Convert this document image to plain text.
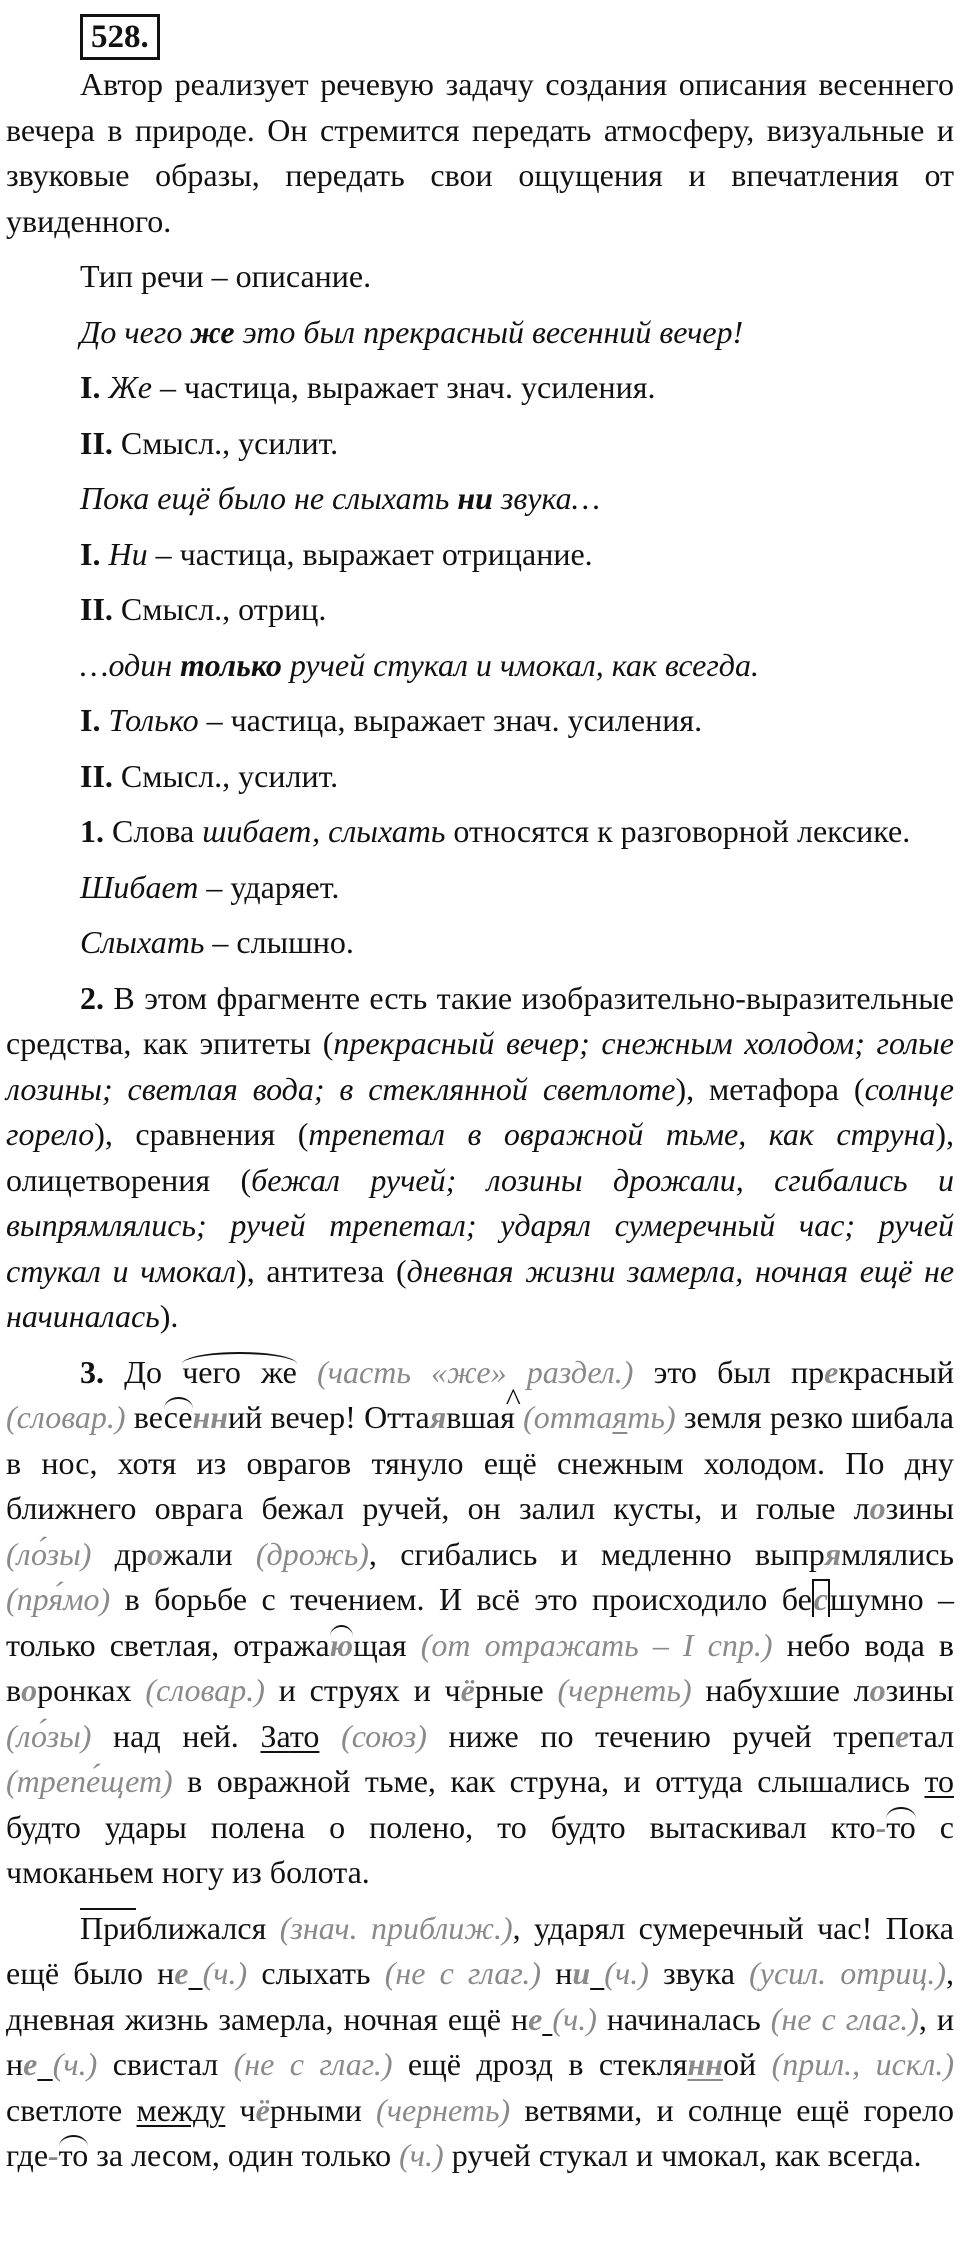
528.

Автор реализует речевую задачу создания описания весеннего вечера в природе. Он стремится передать атмосферу, визуальные и звуковые образы, передать свои ощущения и впечатления от увиденного.

Тип речи – описание.

До чего же это был прекрасный весенний вечер!

I. Же – частица, выражает знач. усиления.

II. Смысл., усилит.

Пока ещё было не слыхать ни звука…

I. Ни – частица, выражает отрицание.

II. Смысл., отриц.

…один только ручей стукал и чмокал, как всегда.

I. Только – частица, выражает знач. усиления.

II. Смысл., усилит.

1. Слова шибает, слыхать относятся к разговорной лексике.

Шибает – ударяет.

Слыхать – слышно.

2. В этом фрагменте есть такие изобразительно-выразительные средства, как эпитеты (прекрасный вечер; снежным холодом; голые лозины; светлая вода; в стеклянной светлоте), метафора (солнце горело), сравнения (трепетал в овражной тьме, как струна), олицетворения (бежал ручей; лозины дрожали, сгибались и выпрямлялись; ручей трепетал; ударял сумеречный час; ручей стукал и чмокал), антитеза (дневная жизни замерла, ночная ещё не начиналась).

3. До чего же (часть «же» раздел.) это был прекрасный (словар.) весенний вечер! Отта^ явшая (оттаять) земля резко шибала в нос, хотя из оврагов тянуло ещё снежным холодом. По дну ближнего оврага бежал ручей, он залил кусты, и голые лозины (ло́зы) дрожали (дрожь), сгибались и медленно выпрямлялись (пря́мо) в борьбе с течением. И всё это происходило бесшумно – только светлая, отражающая (от отражать – I спр.) небо вода в воронках (словар.) и струях и чёрные (чернеть) набухшие лозины (ло́зы) над ней. Зато (союз) ниже по течению ручей трепетал (трепе́щет) в овражной тьме, как струна, и оттуда слышались то будто удары полена о полено, то будто вытаскивал кто-то с чмоканьем ногу из болота.

Приближался (знач. приближ.), ударял сумеречный час! Пока ещё было не (ч.) слыхать (не с глаг.) ни (ч.) звука (усил. отриц.), дневная жизнь замерла, ночная ещё не (ч.) начиналась (не с глаг.), и не (ч.) свистал (не с глаг.) ещё дрозд в стеклянной (прил., искл.) светлоте между чёрными (чернеть) ветвями, и солнце ещё горело где-то за лесом, один только (ч.) ручей стукал и чмокал, как всегда.
